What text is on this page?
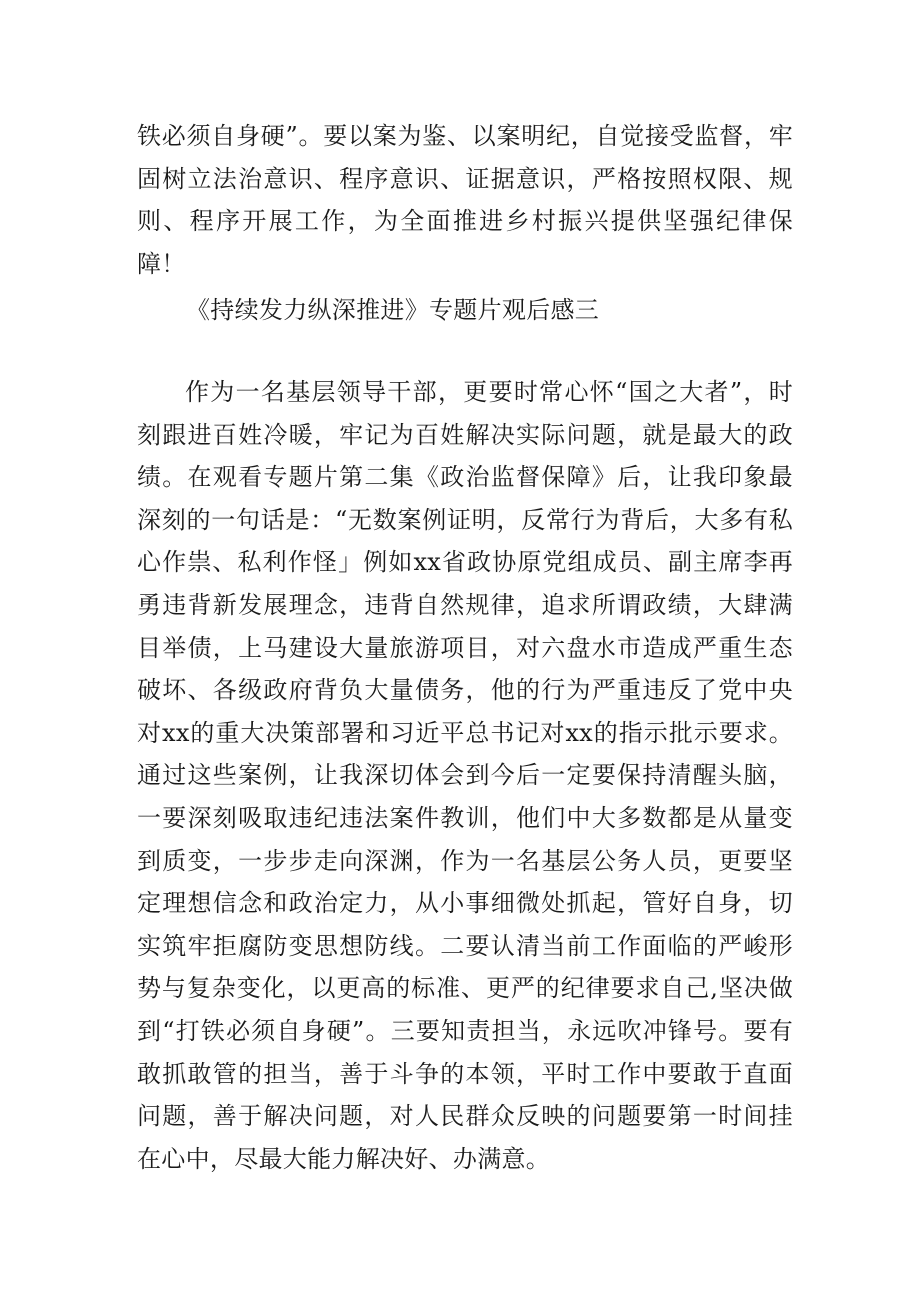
铁必须自身硬”。要以案为鉴、以案明纪，自觉接受监督，牢固树立法治意识、程序意识、证据意识，严格按照权限、规则、程序开展工作，为全面推进乡村振兴提供坚强纪律保障！

《持续发力纵深推进》专题片观后感三

作为一名基层领导干部，更要时常心怀“国之大者”，时刻跟进百姓冷暖，牢记为百姓解决实际问题，就是最大的政绩。在观看专题片第二集《政治监督保障》后，让我印象最深刻的一句话是：“无数案例证明，反常行为背后，大多有私心作祟、私利作怪」例如xx省政协原党组成员、副主席李再勇违背新发展理念，违背自然规律，追求所谓政绩，大肆满目举债，上马建设大量旅游项目，对六盘水市造成严重生态破坏、各级政府背负大量债务，他的行为严重违反了党中央对xx的重大决策部署和习近平总书记对xx的指示批示要求。通过这些案例，让我深切体会到今后一定要保持清醒头脑，一要深刻吸取违纪违法案件教训，他们中大多数都是从量变到质变，一步步走向深渊，作为一名基层公务人员，更要坚定理想信念和政治定力，从小事细微处抓起，管好自身，切实筑牢拒腐防变思想防线。二要认清当前工作面临的严峻形势与复杂变化，以更高的标准、更严的纪律要求自己,坚决做到“打铁必须自身硬”。三要知责担当，永远吹冲锋号。要有敢抓敢管的担当，善于斗争的本领，平时工作中要敢于直面问题，善于解决问题，对人民群众反映的问题要第一时间挂在心中，尽最大能力解决好、办满意。
